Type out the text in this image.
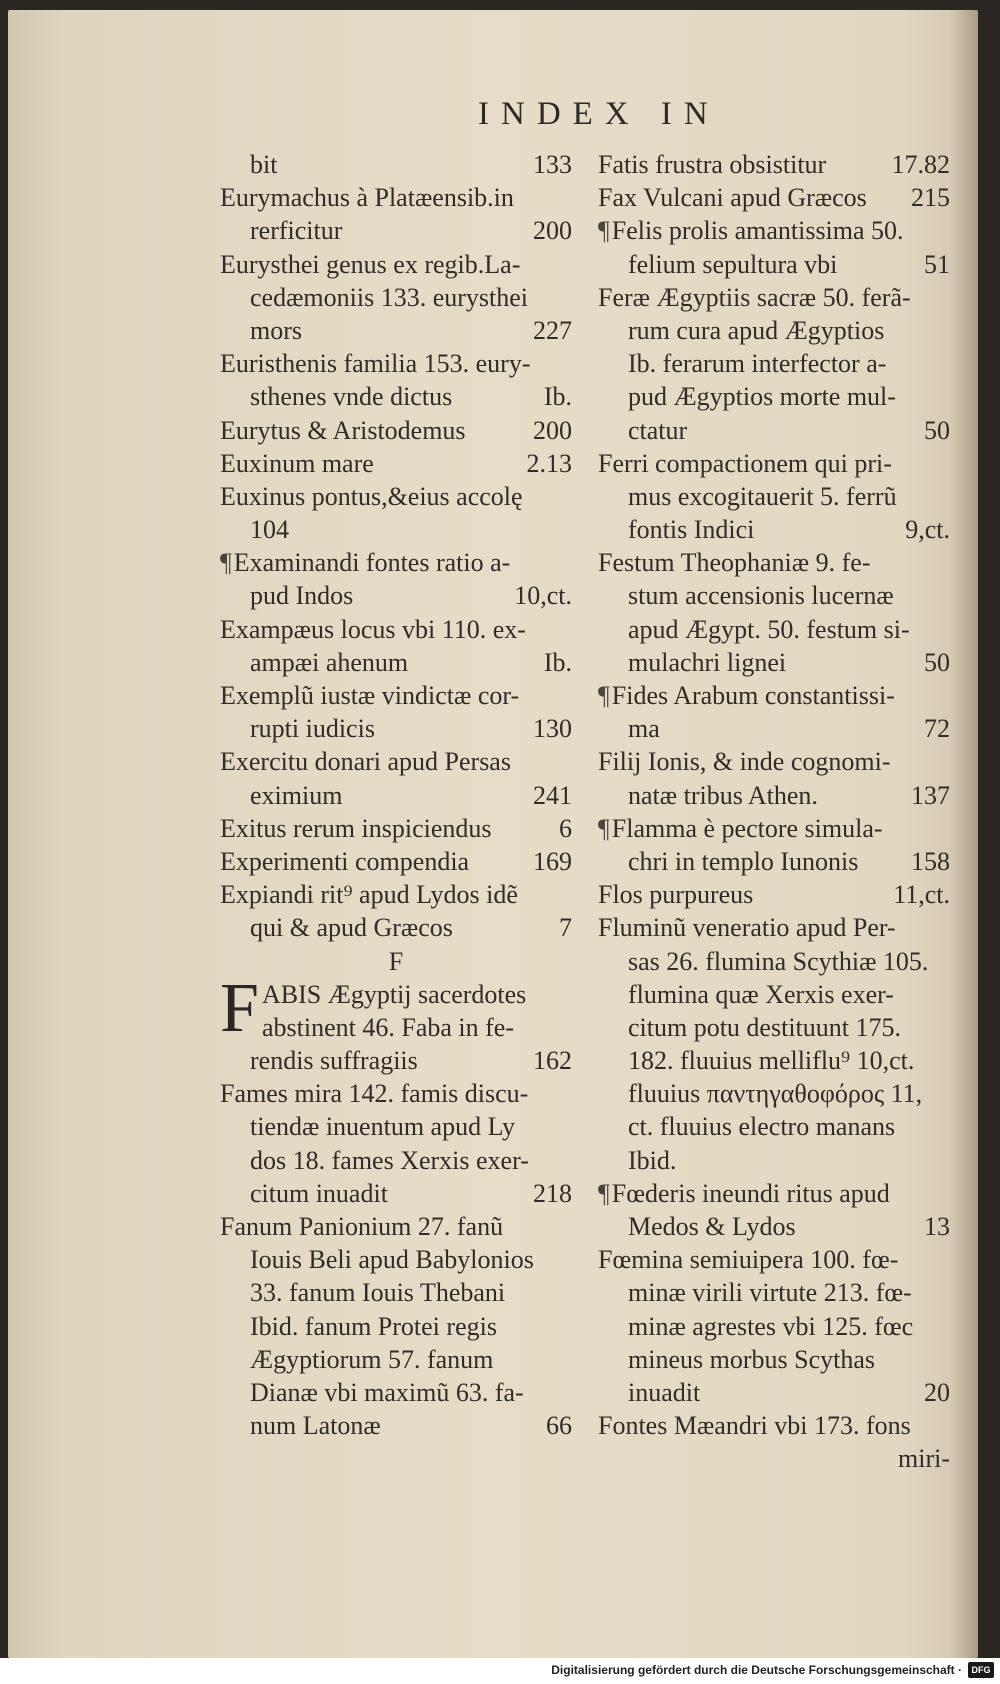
INDEX IN
bit	133
Eurymachus à Platæensib.in
rerficitur	200
Eurysthei genus ex regib.La-
cedæmoniis 133. eurysthei
mors	227
Euristhenis familia 153. eury-
sthenes vnde dictus	Ib.
Eurytus & Aristodemus	200
Euxinum mare	2.13
Euxinus pontus,&eius accolę
104
¶Examinandi fontes ratio a-
pud Indos	10,ct.
Exampæus locus vbi 110. ex-
ampæi ahenum	Ib.
Exemplũ iustæ vindictæ cor-
rupti iudicis	130
Exercitu donari apud Persas
eximium	241
Exitus rerum inspiciendus	6
Experimenti compendia 169
Expiandi rit⁹ apud Lydos idẽ
qui & apud Græcos	7
F
F ABIS Ægyptij sacerdotes
abstinent 46. Faba in fe-
rendis suffragiis	162
Fames mira 142. famis discu-
tiendæ inuentum apud Ly
dos 18. fames Xerxis exer-
citum inuadit	218
Fanum Panionium 27. fanũ
Iouis Beli apud Babylonios
33. fanum Iouis Thebani
Ibid. fanum Protei regis
Ægyptiorum 57. fanum
Dianæ vbi maximũ 63. fa-
num Latonæ	66
Fatis frustra obsistitur	17.82
Fax Vulcani apud Græcos 215
¶Felis prolis amantissima 50.
felium sepultura vbi	51
Feræ Ægyptiis sacræ 50. ferã-
rum cura apud Ægyptios
Ib. ferarum interfector a-
pud Ægyptios morte mul-
ctatur	50
Ferri compactionem qui pri-
mus excogitauerit 5. ferrũ
fontis Indici	9,ct.
Festum Theophaniæ 9. fe-
stum accensionis lucernæ
apud Ægypt. 50. festum si-
mulachri lignei	50
¶Fides Arabum constantissi-
ma	72
Filij Ionis, & inde cognomi-
natæ tribus Athen.	137
¶Flamma è pectore simula-
chri in templo Iunonis 158
Flos purpureus	11,ct.
Fluminũ veneratio apud Per-
sas 26. flumina Scythiæ 105.
flumina quæ Xerxis exer-
citum potu destituunt 175.
182. fluuius melliflu⁹ 10,ct.
fluuius παντηγαθοφόρος 11,
ct. fluuius electro manans
Ibid.
¶Fœderis ineundi ritus apud
Medos & Lydos	13
Fœmina semiuipera 100. fœ-
minæ virili virtute 213. fœ-
minæ agrestes vbi 125. fœc
mineus morbus Scythas
inuadit	20
Fontes Mæandri vbi 173. fons
miri-
Digitalisierung gefördert durch die Deutsche Forschungsgemeinschaft ·	DFG
